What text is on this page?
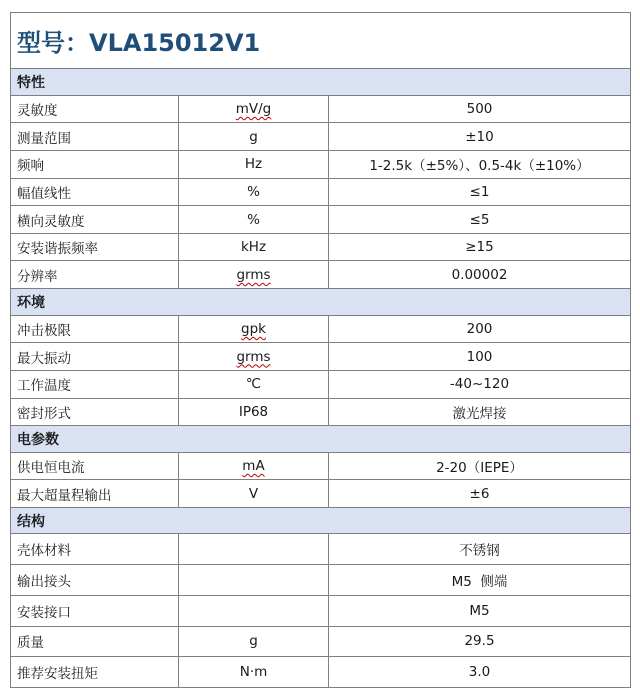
型号：VLA15012V1		
特性		
灵敏度	mV/g	500
测量范围	g	±10
频响	Hz	1-2.5k（±5%）、0.5-4k（±10%）
幅值线性	%	≤1
横向灵敏度	%	≤5
安装谐振频率	kHz	≥15
分辨率	grms	0.00002
环境		
冲击极限	gpk	200
最大振动	grms	100
工作温度	℃	-40~120
密封形式	IP68	激光焊接
电参数		
供电恒电流	mA	2-20（IEPE）
最大超量程输出	V	±6
结构		
壳体材料		不锈钢
输出接头		M5  侧端
安装接口		M5
质量	g	29.5
推荐安装扭矩	N·m	3.0
